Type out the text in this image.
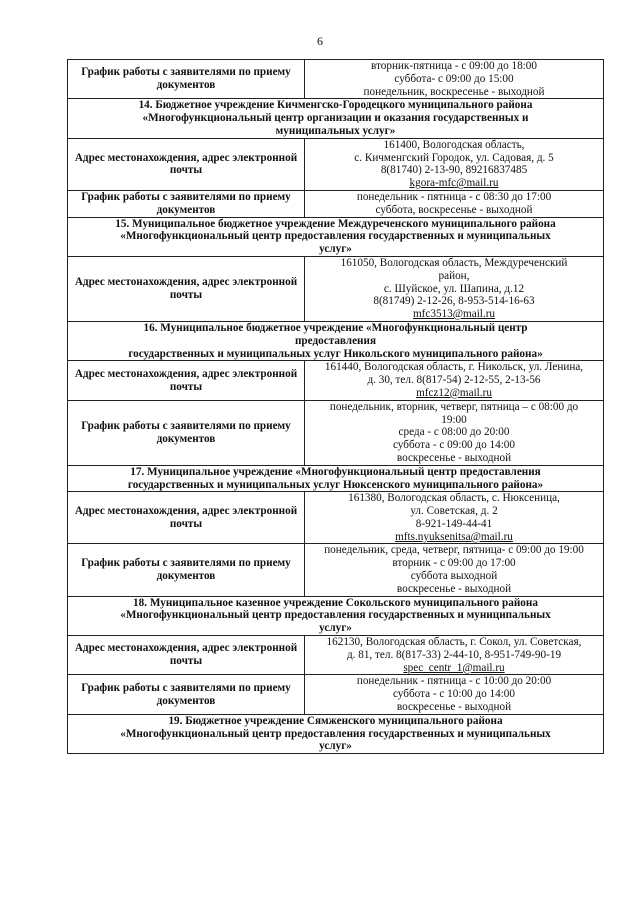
6
График работы с заявителями по приему документов	вторник-пятница - с 09:00 до 18:00
суббота- с 09:00 до 15:00
понедельник, воскресенье - выходной

14. Бюджетное учреждение Кичменгско-Городецкого муниципального района
«Многофункциональный центр организации и оказания государственных и
муниципальных услуг»	

Адрес местонахождения, адрес электронной почты	161400, Вологодская область,
с. Кичменгский Городок, ул. Садовая, д. 5
8(81740) 2-13-90, 89216837485
kgora-mfc@mail.ru

График работы с заявителями по приему документов	понедельник - пятница - с 08:30 до 17:00
суббота, воскресенье - выходной

15. Муниципальное бюджетное учреждение Междуреченского муниципального района
«Многофункциональный центр предоставления государственных и муниципальных
услуг»	

Адрес местонахождения, адрес электронной почты	161050, Вологодская область, Междуреченский
район,
с. Шуйское, ул. Шапина, д.12
8(81749) 2-12-26, 8-953-514-16-63
mfc3513@mail.ru

16. Муниципальное бюджетное учреждение «Многофункциональный центр
предоставления
государственных и муниципальных услуг Никольского муниципального района»	

Адрес местонахождения, адрес электронной почты	161440, Вологодская область, г. Никольск, ул. Ленина,
д. 30, тел. 8(817-54) 2-12-55, 2-13-56
mfcz12@mail.ru

График работы с заявителями по приему документов	понедельник, вторник, четверг, пятница – с 08:00 до
19:00
среда - с 08:00 до 20:00
суббота - с 09:00 до 14:00
воскресенье - выходной

17. Муниципальное учреждение «Многофункциональный центр предоставления
государственных и муниципальных услуг Нюксенского муниципального района»	

Адрес местонахождения, адрес электронной почты	161380, Вологодская область, с. Нюксеница,
ул. Советская, д. 2
8-921-149-44-41
mfts.nyuksenitsa@mail.ru

График работы с заявителями по приему документов	понедельник, среда, четверг, пятница- с 09:00 до 19:00
вторник - с 09:00 до 17:00
суббота выходной
воскресенье - выходной

18. Муниципальное казенное учреждение Сокольского муниципального района
«Многофункциональный центр предоставления государственных и муниципальных
услуг»	

Адрес местонахождения, адрес электронной почты	162130, Вологодская область, г. Сокол, ул. Советская,
д. 81, тел. 8(817-33) 2-44-10, 8-951-749-90-19
spec_centr_1@mail.ru

График работы с заявителями по приему документов	понедельник - пятница - с 10:00 до 20:00
суббота - с 10:00 до 14:00
воскресенье - выходной

19. Бюджетное учреждение Сямженского муниципального района
«Многофункциональный центр предоставления государственных и муниципальных
услуг»	
